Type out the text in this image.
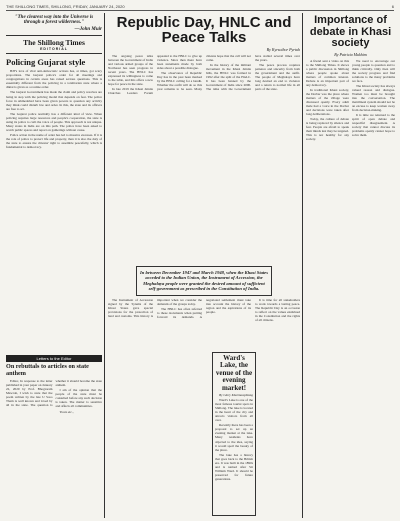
THE SHILLONG TIMES, SHILLONG, FRIDAY, JANUARY 24, 2020	6
"The clearest way into the Universe is through a forest wilderness."
—John Muir
The Shillong Times
EDITORIAL
Policing Gujarat style

BJP's love of vital anti-democratic actions has, at times, got scary proportions. The Gujarat police's order for all meetings and congregations in certain areas has raised serious questions. This is essentially different from the policing in a totalitarian state where a diktat is given as a routine order.

The Gujarat Government has made the claim and policy resolves are being in step with the policing model that depends on fear. The police force in Ahmedabad have been given powers to question any activity they think could disturb law and order. In this, the state and its officers are free to act.

The Gujarat police normally has a different kind of view. When policing requires large resources and people's cooperation, the state is using its police to curb the voice of people. This approach is not unique. Many states in India are on this path. The police have been asked to watch public spaces and report on gatherings without cause.

Police action in the name of order has led to massive excesses. If it is the role of police to protect life and property, then it is also the duty of the state to ensure the citizens' right to assemble peacefully, which is fundamental to democracy.

Letters to the Editor
On rebuttals to articles on state anthem

Editor, In response to the letter published in your paper on January 22, 2020 by Prof. Bhogtoram Mawroh, I wish to state that the poem written by the late U Soso Tham is well known and loved by all in the state. The question is whether it should become the state anthem.

I am of the opinion that the people of the state must be consulted before any such decision is taken. The matter is sensitive and affects all communities.

Yours etc.,

Republic Day, HNLC and Peace Talks
By Kyrsoibor Pyrtuh

The ongoing peace talks between the Government of India and various armed groups of the Northeast has seen progress in recent years. The HNLC has expressed its willingness to come to the table, and this offers a new hope for peace in the state.

In late 2019 the Khasi Jaintia Churches Leaders Forum appealed to the HNLC to give up violence. Since then there have been statements made by both sides about a possible dialogue.

The observance of Republic Day has in the past been marked by the HNLC calling for a bandh. Whether the outfit will do so this year remains to be seen. Many citizens hope that the call will not come.

In the history of the militant movement in the Khasi Jaintia hills, the HNLC was formed in 1992 after the split of the HALC. It has been banned by the Government of India since 2000. The talks with the Government have stalled several times over the years.

The peace process requires patience and sincerity from both the government and the outfit. The people of Meghalaya have long desired an end to violence and a return to normal life in all parts of the state.

In between December 1947 and March 1948, when the Khasi States acceded to the Indian Union, the Instrument of Accession, the Meghalaya people were granted the desired amount of sufficient self-government as prescribed in the Constitution of India.

The Instrument of Accession signed by the Syiems of the Khasi States gave special provisions for the protection of land and customs. This history is important when we consider the demands of the groups today.

The HNLC has often referred to these documents when putting forward its demands. A negotiated settlement must take into account the history of the region and the aspirations of its people.

It is time for all stakeholders to work towards a lasting peace. The Republic Day is an occasion to reflect on the values enshrined in the Constitution and the rights of all citizens.

Ward's Lake, the venue of the evening market!
By Glory Kharmawphlang

Ward's Lake is one of the most famous tourist spots in Shillong. The lake is located in the heart of the city and attracts visitors from all over.

Recently there has been a proposal to set up an evening market at the lake. Many residents have objected to the idea, saying it would spoil the beauty of the place.

The lake has a history that goes back to the British era. It was built in the 1890s and is named after Sir William Ward. It should be preserved for future generations.

Importance of debate in Khasi society
By Patricia Mukhim

A friend sent a video on this to the Shillong Times. It shows a public discussion in Shillong where people spoke about matters of common interest. Debate is an important part of any democracy.

In traditional Khasi society, the Dorbar was the place where matters of the village were discussed openly. Every adult male had a voice in the Dorbar and decisions were taken after long deliberations.

Today, the culture of debate is being replaced by silence and fear. People are afraid to speak their minds lest they be targeted. This is not healthy for any society.

We need to encourage our young people to question and to think critically. Only then will the society progress and find solutions to the many problems we face.

The Khasi society has always valued reason and dialogue. Women too must be brought into the conversation. The matrilineal system should not be an excuse to keep women away from decision-making.

It is time we returned to the spirit of open debate and respectful disagreement. A society that cannot discuss its problems openly cannot hope to solve them.
